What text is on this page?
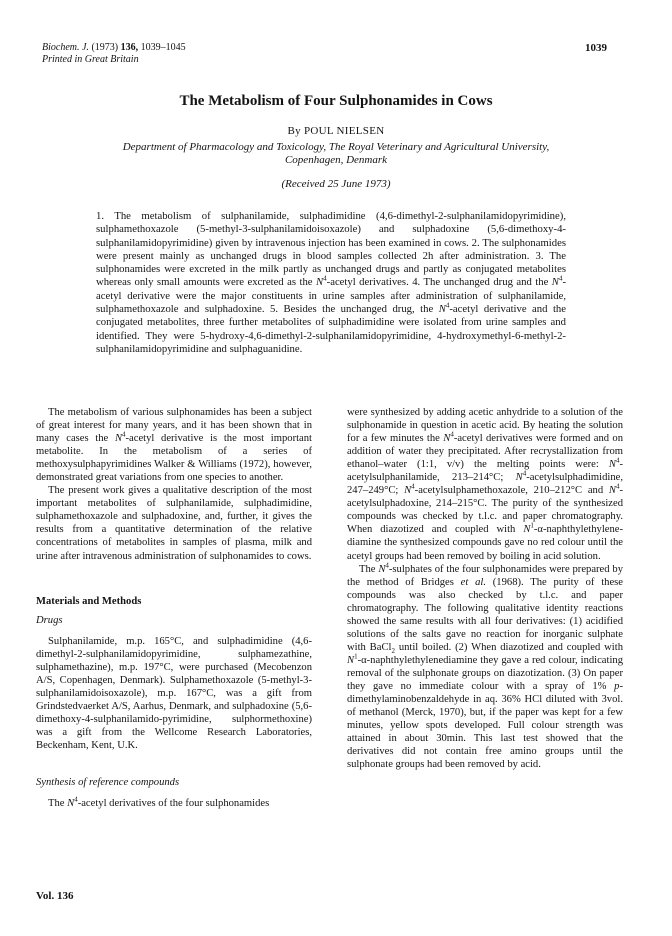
Biochem. J. (1973) 136, 1039–1045
Printed in Great Britain
1039
The Metabolism of Four Sulphonamides in Cows
By POUL NIELSEN
Department of Pharmacology and Toxicology, The Royal Veterinary and Agricultural University,
Copenhagen, Denmark
(Received 25 June 1973)
1. The metabolism of sulphanilamide, sulphadimidine (4,6-dimethyl-2-sulphanilamidopyrimidine), sulphamethoxazole (5-methyl-3-sulphanilamidoisoxazole) and sulphadoxine (5,6-dimethoxy-4-sulphanilamidopyrimidine) given by intravenous injection has been examined in cows. 2. The sulphonamides were present mainly as unchanged drugs in blood samples collected 2h after administration. 3. The sulphonamides were excreted in the milk partly as unchanged drugs and partly as conjugated metabolites whereas only small amounts were excreted as the $N^4$-acetyl derivatives. 4. The unchanged drug and the $N^4$-acetyl derivative were the major constituents in urine samples after administration of sulphanilamide, sulphamethoxazole and sulphadoxine. 5. Besides the unchanged drug, the $N^4$-acetyl derivative and the conjugated metabolites, three further metabolites of sulphadimidine were isolated from urine samples and identified. They were 5-hydroxy-4,6-dimethyl-2-sulphanilamidopyrimidine, 4-hydroxymethyl-6-methyl-2-sulphanilamidopyrimidine and sulphaguanidine.

The metabolism of various sulphonamides has been a subject of great interest for many years, and it has been shown that in many cases the $N^4$-acetyl derivative is the most important metabolite. In the metabolism of a series of methoxysulphapyrimidines Walker & Williams (1972), however, demonstrated great variations from one species to another.

The present work gives a qualitative description of the most important metabolites of sulphanilamide, sulphadimidine, sulphamethoxazole and sulphadoxine, and, further, it gives the results from a quantitative determination of the relative concentrations of metabolites in samples of plasma, milk and urine after intravenous administration of sulphonamides to cows.

Materials and Methods

Drugs

Sulphanilamide, m.p. 165°C, and sulphadimidine (4,6-dimethyl-2-sulphanilamidopyrimidine, sulphamezathine, sulphamethazine), m.p. 197°C, were purchased (Mecobenzon A/S, Copenhagen, Denmark). Sulphamethoxazole (5-methyl-3-sulphanilamidoisoxazole), m.p. 167°C, was a gift from Grindstedvaerket A/S, Aarhus, Denmark, and sulphadoxine (5,6-dimethoxy-4-sulphanilamido-pyrimidine, sulphormethoxine) was a gift from the Wellcome Research Laboratories, Beckenham, Kent, U.K.

Synthesis of reference compounds

The $N^4$-acetyl derivatives of the four sulphonamides

were synthesized by adding acetic anhydride to a solution of the sulphonamide in question in acetic acid. By heating the solution for a few minutes the $N^4$-acetyl derivatives were formed and on addition of water they precipitated. After recrystallization from ethanol–water (1:1, v/v) the melting points were: $N^4$-acetylsulphanilamide, 213–214°C; $N^4$-acetylsulphadimidine, 247–249°C; $N^4$-acetylsulphamethoxazole, 210–212°C and $N^4$-acetylsulphadoxine, 214–215°C. The purity of the synthesized compounds was checked by t.l.c. and paper chromatography. When diazotized and coupled with $N^1-\alpha$-naphthylethylenediamine the synthesized compounds gave no red colour until the acetyl groups had been removed by boiling in acid solution.

The $N^4$-sulphates of the four sulphonamides were prepared by the method of Bridges et al. (1968). The purity of these compounds was also checked by t.l.c. and paper chromatography. The following qualitative identity reactions showed the same results with all four derivatives: (1) acidified solutions of the salts gave no reaction for inorganic sulphate with BaCl$_2$ until boiled. (2) When diazotized and coupled with $N^1-\alpha$-naphthylethylenediamine they gave a red colour, indicating removal of the sulphonate groups on diazotization. (3) On paper they gave no immediate colour with a spray of 1% p-dimethylaminobenzaldehyde in aq. 36% HCl diluted with 3vol. of methanol (Merck, 1970), but, if the paper was kept for a few minutes, yellow spots developed. Full colour strength was attained in about 30min. This last test showed that the derivatives did not contain free amino groups until the sulphonate groups had been removed by acid.

Vol. 136
